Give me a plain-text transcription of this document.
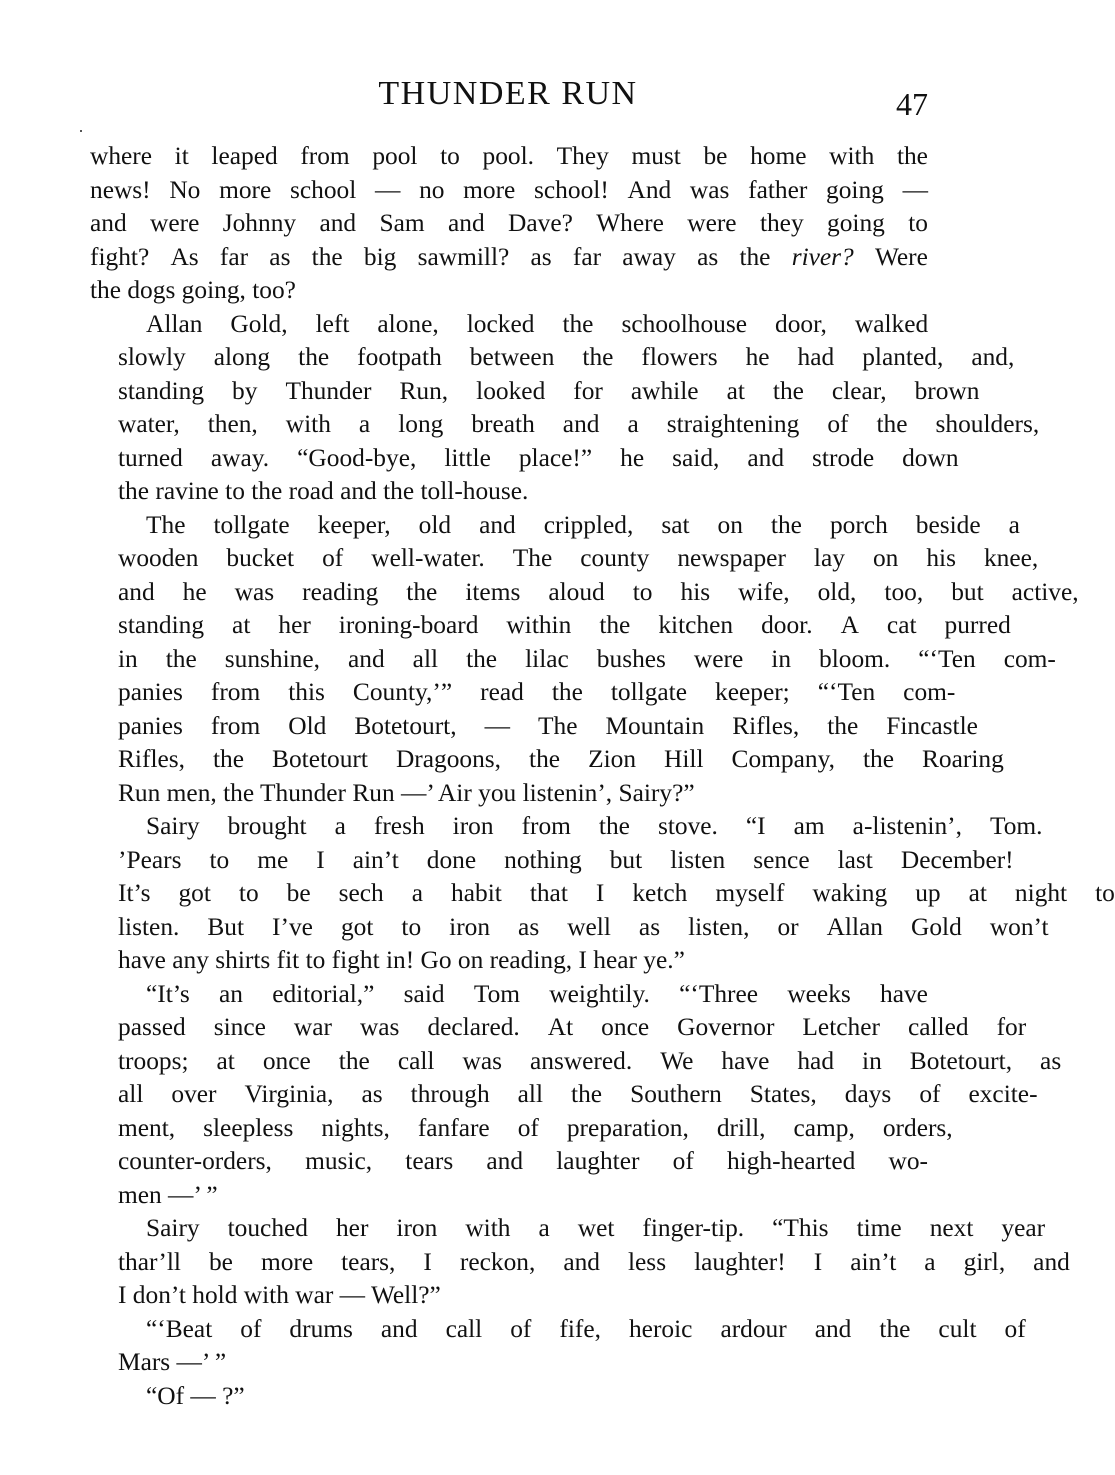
THUNDER RUN	47
where it leaped from pool to pool. They must be home with the
news! No more school — no more school! And was father going —
and were Johnny and Sam and Dave? Where were they going to
fight? As far as the big sawmill? as far away as the river? Were
the dogs going, too?
Allan	Gold,	left	alone,	locked	the	schoolhouse	door,	walked
slowly	along	the	footpath	between	the	flowers	he	had	planted,	and,
standing	by	Thunder	Run,	looked	for	awhile	at	the	clear,	brown
water,	then,	with	a	long	breath	and	a	straightening	of	the	shoulders,
turned	away.	“Good-bye,	little	place!”	he	said,	and	strode	down
the ravine to the road and the toll-house.
The	tollgate	keeper,	old	and	crippled,	sat	on	the	porch	beside	a
wooden	bucket	of	well-water.	The	county	newspaper	lay	on	his	knee,
and	he	was	reading	the	items	aloud	to	his	wife,	old,	too,	but	active,
standing	at	her	ironing-board	within	the	kitchen	door.	A	cat	purred
in	the	sunshine,	and	all	the	lilac	bushes	were	in	bloom.	“‘Ten	com-
panies	from	this	County,’”	read	the	tollgate	keeper;	“‘Ten	com-
panies	from	Old	Botetourt,	—	The	Mountain	Rifles,	the	Fincastle
Rifles,	the	Botetourt	Dragoons,	the	Zion	Hill	Company,	the	Roaring
Run men, the Thunder Run —’ Air you listenin’, Sairy?”
Sairy	brought	a	fresh	iron	from	the	stove.	“I	am	a-listenin’,	Tom.
’Pears	to	me	I	ain’t	done	nothing	but	listen	sence	last	December!
It’s	got	to	be	sech	a	habit	that	I	ketch	myself	waking	up	at	night	to
listen.	But	I’ve	got	to	iron	as	well	as	listen,	or	Allan	Gold	won’t
have any shirts fit to fight in! Go on reading, I hear ye.”
“It’s	an	editorial,”	said	Tom	weightily.	“‘Three	weeks	have
passed	since	war	was	declared.	At	once	Governor	Letcher	called	for
troops;	at	once	the	call	was	answered.	We	have	had	in	Botetourt,	as
all	over	Virginia,	as	through	all	the	Southern	States,	days	of	excite-
ment,	sleepless	nights,	fanfare	of	preparation,	drill,	camp,	orders,
counter-orders,	music,	tears	and	laughter	of	high-hearted	wo-
men —’ ”
Sairy	touched	her	iron	with	a	wet	finger-tip.	“This	time	next	year
thar’ll	be	more	tears,	I	reckon,	and	less	laughter!	I	ain’t	a	girl,	and
I don’t hold with war — Well?”
“‘Beat	of	drums	and	call	of	fife,	heroic	ardour	and	the	cult	of
Mars —’ ”
“Of — ?”
